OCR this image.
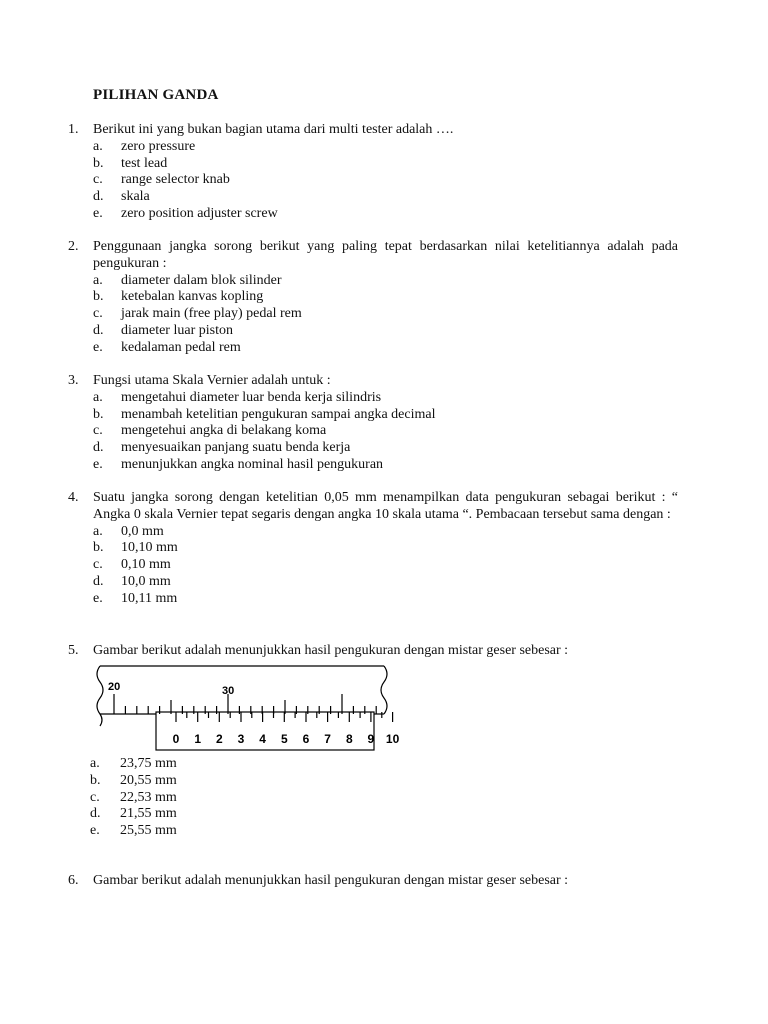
PILIHAN GANDA
1. Berikut ini yang bukan bagian utama dari multi tester adalah ….
a.	zero pressure
b.	test lead
c.	range selector knab
d.	skala
e.	zero position adjuster screw
2. Penggunaan jangka sorong berikut yang paling tepat berdasarkan nilai ketelitiannya adalah pada pengukuran :
a.	diameter dalam blok silinder
b.	ketebalan kanvas kopling
c.	jarak main (free play) pedal rem
d.	diameter luar piston
e.	kedalaman pedal rem
3. Fungsi utama Skala Vernier adalah untuk :
a.	mengetahui diameter luar benda kerja silindris
b.	menambah ketelitian pengukuran sampai angka decimal
c.	mengetehui angka di belakang koma
d.	menyesuaikan panjang suatu benda kerja
e.	menunjukkan angka nominal hasil pengukuran
4. Suatu jangka sorong dengan ketelitian 0,05 mm menampilkan data pengukuran sebagai berikut : “ Angka 0 skala Vernier tepat segaris dengan angka 10 skala utama “. Pembacaan tersebut sama dengan :
a.	0,0 mm
b.	10,10 mm
c.	0,10 mm
d.	10,0 mm
e.	10,11 mm
5. Gambar berikut adalah menunjukkan hasil pengukuran dengan mistar geser sebesar :
20	30
0 1 2 3 4 5 6 7 8 9 10
a.	23,75 mm
b.	20,55 mm
c.	22,53 mm
d.	21,55 mm
e.	25,55 mm
6. Gambar berikut adalah menunjukkan hasil pengukuran dengan mistar geser sebesar :
